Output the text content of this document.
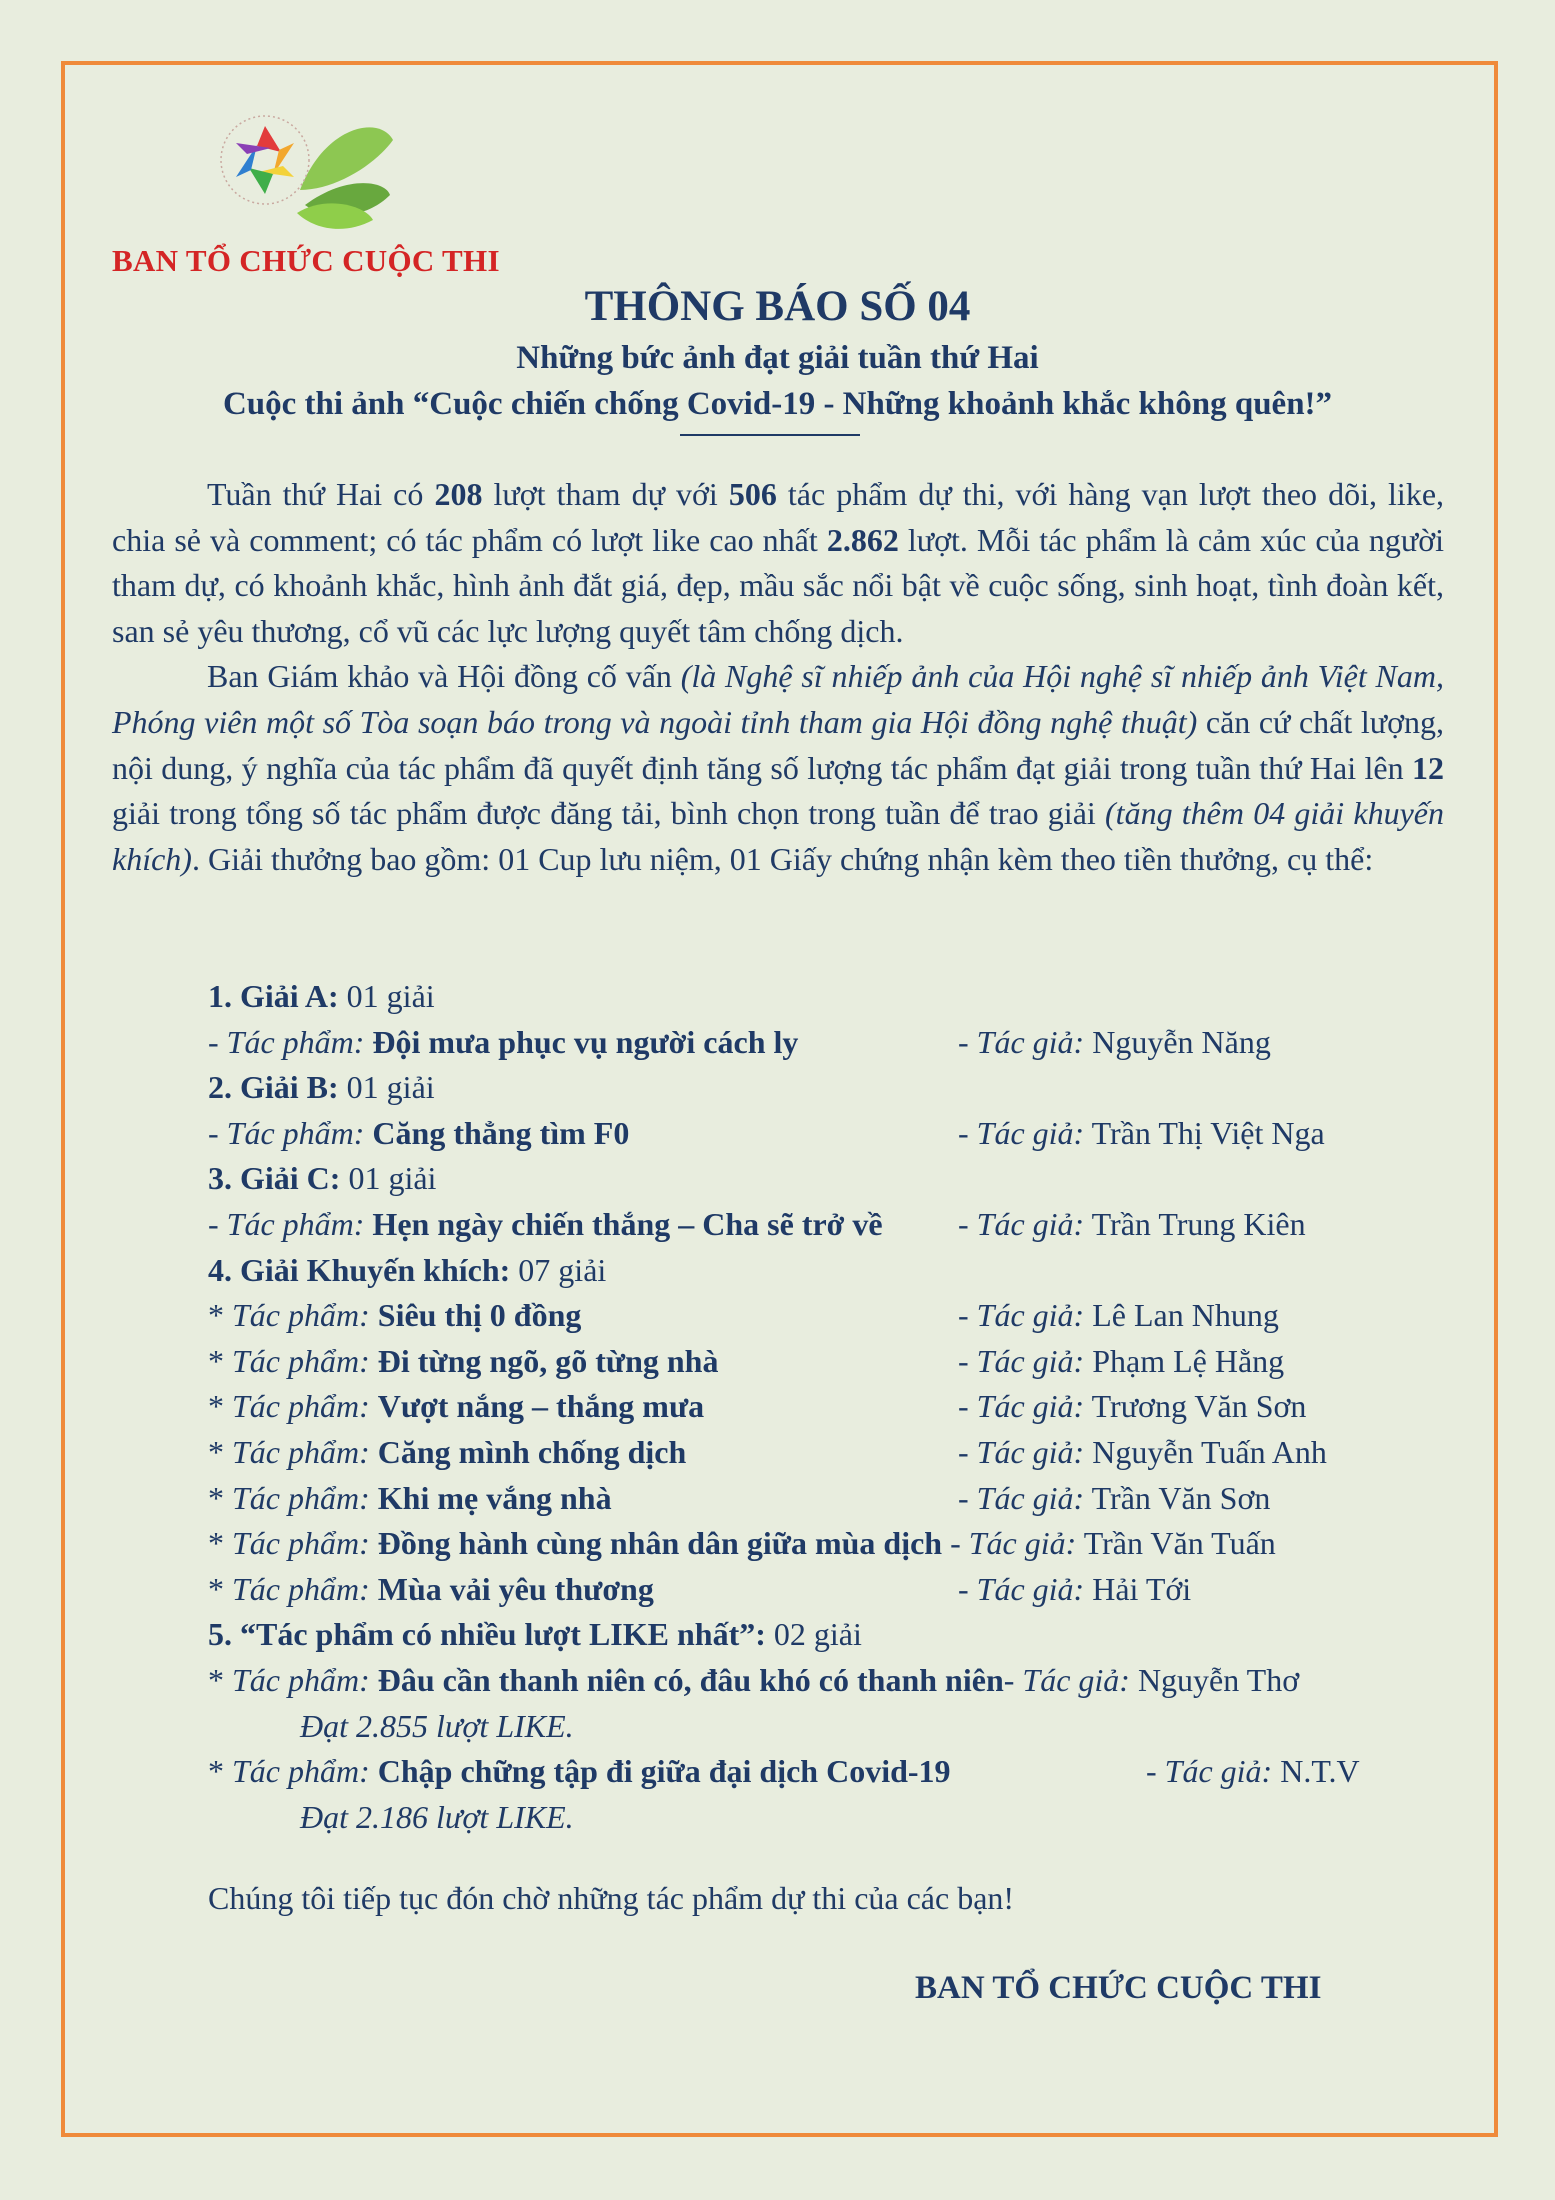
BAN TỔ CHỨC CUỘC THI
THÔNG BÁO SỐ 04
Những bức ảnh đạt giải tuần thứ Hai
Cuộc thi ảnh “Cuộc chiến chống Covid-19 - Những khoảnh khắc không quên!”

Tuần thứ Hai có 208 lượt tham dự với 506 tác phẩm dự thi, với hàng vạn lượt theo dõi, like, chia sẻ và comment; có tác phẩm có lượt like cao nhất 2.862 lượt. Mỗi tác phẩm là cảm xúc của người tham dự, có khoảnh khắc, hình ảnh đắt giá, đẹp, mầu sắc nổi bật về cuộc sống, sinh hoạt, tình đoàn kết, san sẻ yêu thương, cổ vũ các lực lượng quyết tâm chống dịch.

Ban Giám khảo và Hội đồng cố vấn (là Nghệ sĩ nhiếp ảnh của Hội nghệ sĩ nhiếp ảnh Việt Nam, Phóng viên một số Tòa soạn báo trong và ngoài tỉnh tham gia Hội đồng nghệ thuật) căn cứ chất lượng, nội dung, ý nghĩa của tác phẩm đã quyết định tăng số lượng tác phẩm đạt giải trong tuần thứ Hai lên 12 giải trong tổng số tác phẩm được đăng tải, bình chọn trong tuần để trao giải (tăng thêm 04 giải khuyến khích). Giải thưởng bao gồm: 01 Cup lưu niệm, 01 Giấy chứng nhận kèm theo tiền thưởng, cụ thể:

1. Giải A: 01 giải
- Tác phẩm: Đội mưa phục vụ người cách ly	- Tác giả: Nguyễn Năng
2. Giải B: 01 giải
- Tác phẩm: Căng thẳng tìm F0	- Tác giả: Trần Thị Việt Nga
3. Giải C: 01 giải
- Tác phẩm: Hẹn ngày chiến thắng – Cha sẽ trở về - Tác giả: Trần Trung Kiên
4. Giải Khuyến khích: 07 giải
* Tác phẩm: Siêu thị 0 đồng	- Tác giả: Lê Lan Nhung
* Tác phẩm: Đi từng ngõ, gõ từng nhà	- Tác giả: Phạm Lệ Hằng
* Tác phẩm: Vượt nắng – thắng mưa	- Tác giả: Trương Văn Sơn
* Tác phẩm: Căng mình chống dịch	- Tác giả: Nguyễn Tuấn Anh
* Tác phẩm: Khi mẹ vắng nhà	- Tác giả: Trần Văn Sơn
* Tác phẩm: Đồng hành cùng nhân dân giữa mùa dịch - Tác giả: Trần Văn Tuấn
* Tác phẩm: Mùa vải yêu thương	- Tác giả: Hải Tới
5. “Tác phẩm có nhiều lượt LIKE nhất”: 02 giải
* Tác phẩm: Đâu cần thanh niên có, đâu khó có thanh niên- Tác giả: Nguyễn Thơ
Đạt 2.855 lượt LIKE.
* Tác phẩm: Chập chững tập đi giữa đại dịch Covid-19	- Tác giả: N.T.V
Đạt 2.186 lượt LIKE.
Chúng tôi tiếp tục đón chờ những tác phẩm dự thi của các bạn!
BAN TỔ CHỨC CUỘC THI
